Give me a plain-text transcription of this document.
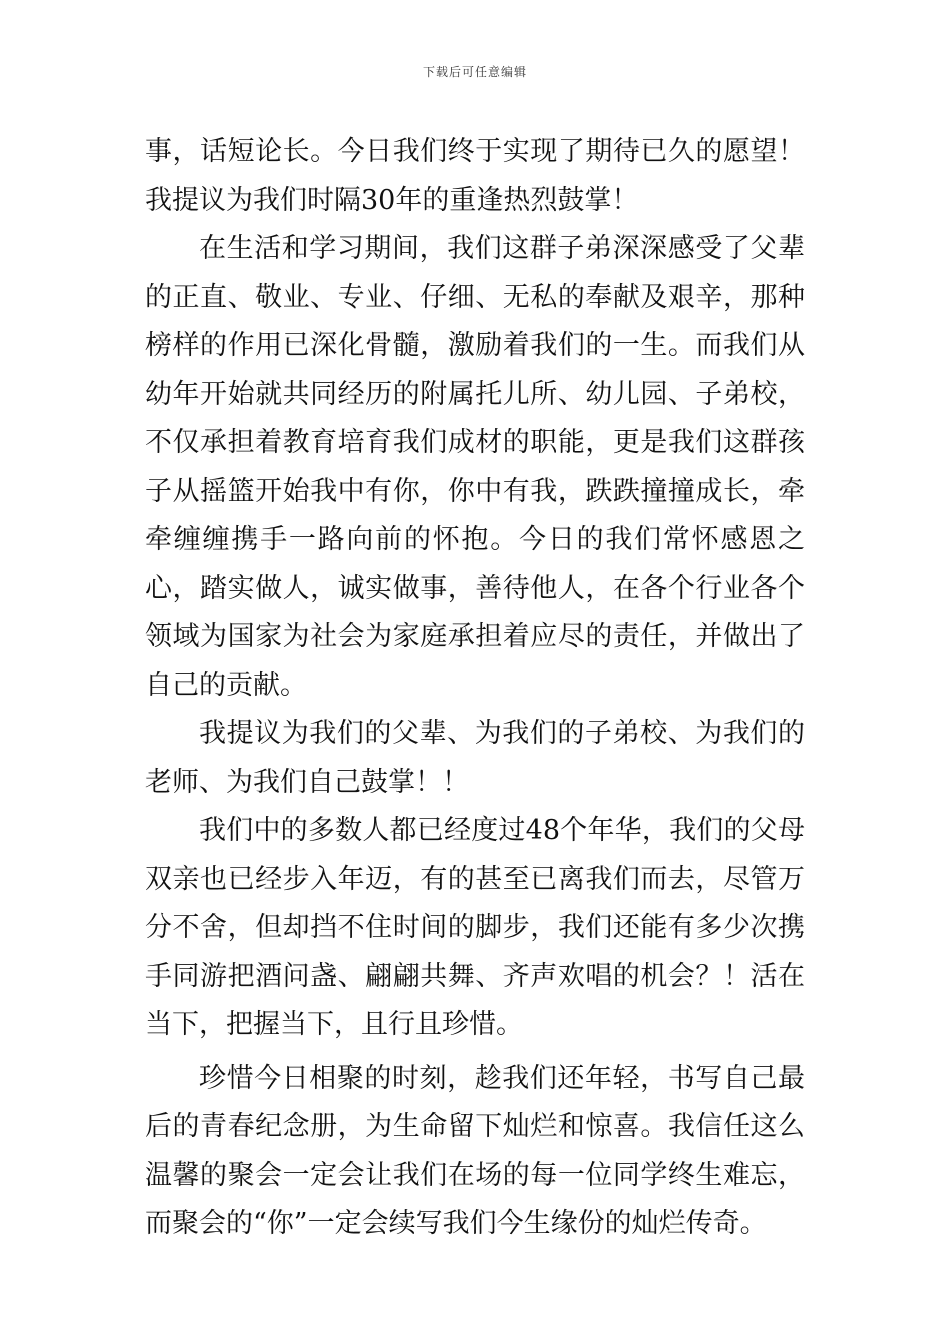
下载后可任意编辑

事，话短论长。今日我们终于实现了期待已久的愿望！我提议为我们时隔30年的重逢热烈鼓掌！

在生活和学习期间，我们这群子弟深深感受了父辈的正直、敬业、专业、仔细、无私的奉献及艰辛，那种榜样的作用已深化骨髓，激励着我们的一生。而我们从幼年开始就共同经历的附属托儿所、幼儿园、子弟校，不仅承担着教育培育我们成材的职能，更是我们这群孩子从摇篮开始我中有你，你中有我，跌跌撞撞成长，牵牵缠缠携手一路向前的怀抱。今日的我们常怀感恩之心，踏实做人，诚实做事，善待他人，在各个行业各个领域为国家为社会为家庭承担着应尽的责任，并做出了自己的贡献。

我提议为我们的父辈、为我们的子弟校、为我们的老师、为我们自己鼓掌！！

我们中的多数人都已经度过48个年华，我们的父母双亲也已经步入年迈，有的甚至已离我们而去，尽管万分不舍，但却挡不住时间的脚步，我们还能有多少次携手同游把酒问盏、翩翩共舞、齐声欢唱的机会？！活在当下，把握当下，且行且珍惜。

珍惜今日相聚的时刻，趁我们还年轻，书写自己最后的青春纪念册，为生命留下灿烂和惊喜。我信任这么温馨的聚会一定会让我们在场的每一位同学终生难忘，而聚会的“你”一定会续写我们今生缘份的灿烂传奇。
